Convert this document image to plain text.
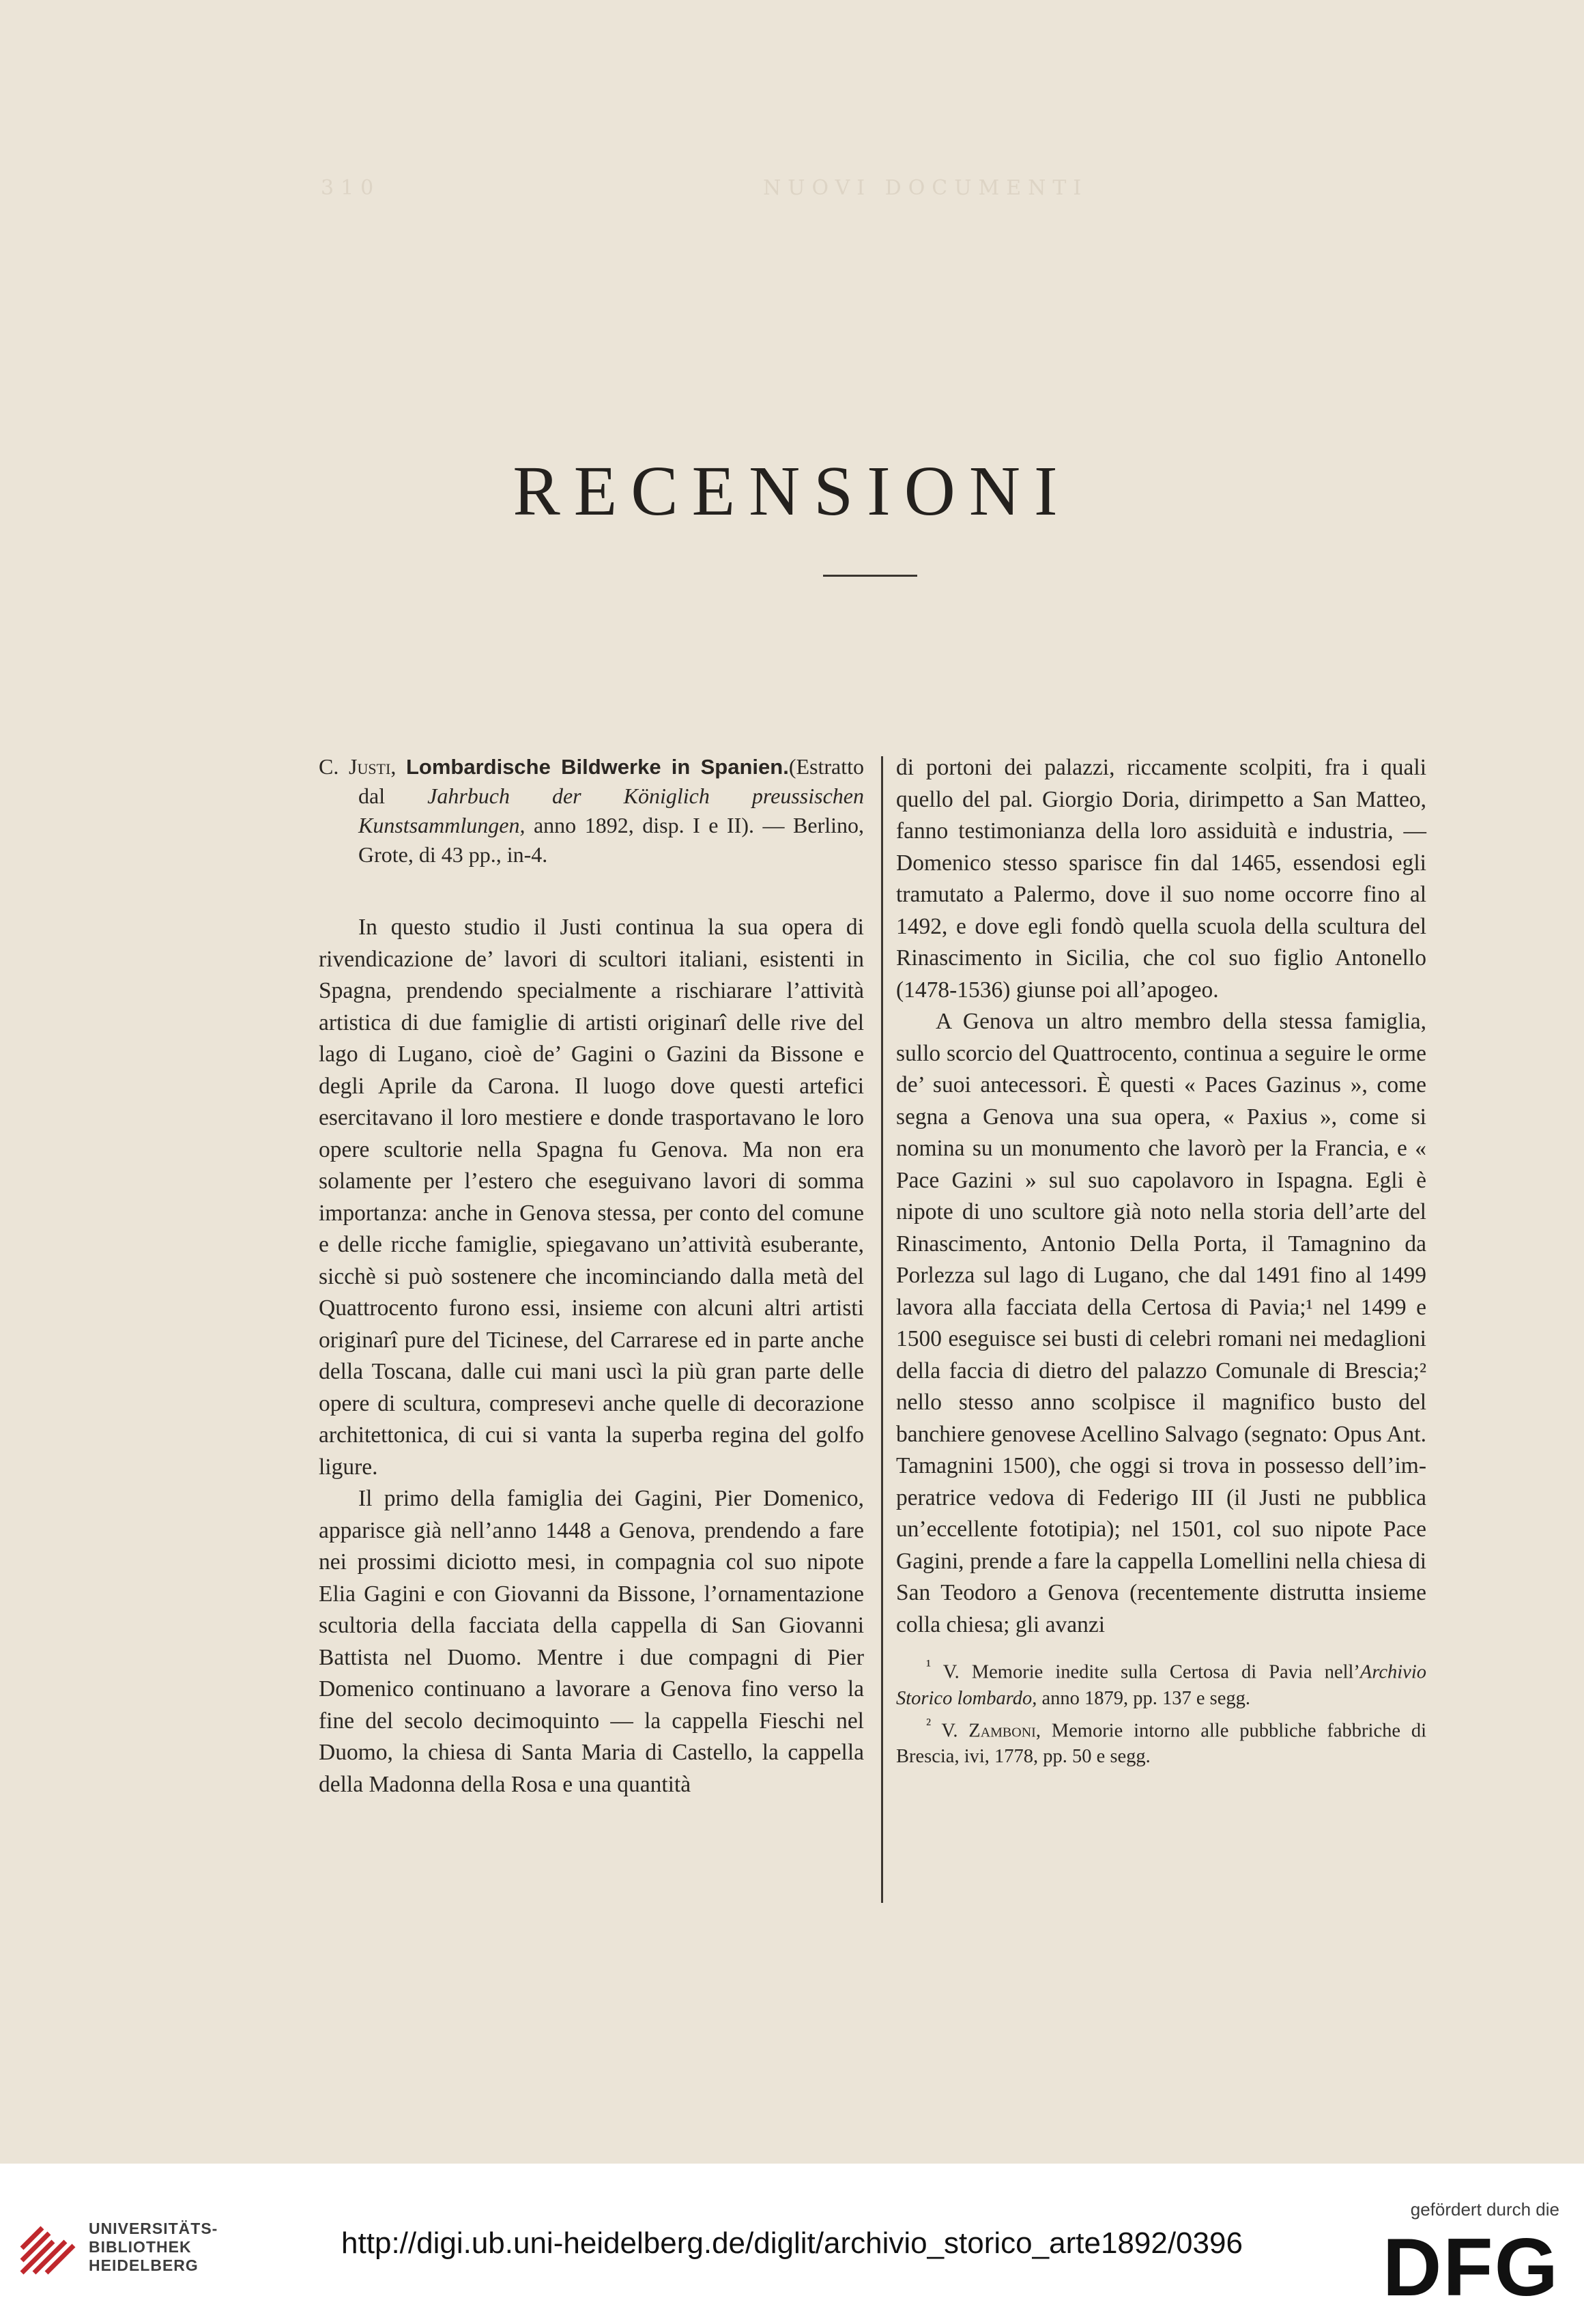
310	NUOVI DOCUMENTI
RECENSIONI

C. Justi, Lombardische Bildwerke in Spanien.(Estratto dal Jahrbuch der Königlich preussischen Kunstsammlungen, anno 1892, disp. I e II). — Berlino, Grote, di 43 pp., in-4.

In questo studio il Justi continua la sua opera di rivendicazione de’ lavori di scultori italiani, esistenti in Spagna, prendendo specialmente a rischiarare l’attività artistica di due famiglie di artisti originarî delle rive del lago di Lugano, cioè de’ Gagini o Gazini da Bissone e degli Aprile da Carona. Il luogo dove questi artefici esercitavano il loro mestiere e donde trasportavano le loro opere scultorie nella Spagna fu Genova. Ma non era solamente per l’estero che eseguivano lavori di somma importanza: anche in Genova stessa, per conto del comune e delle ricche famiglie, spiegavano un’attività esuberante, sicchè si può sostenere che incominciando dalla metà del Quattrocento furono essi, insieme con alcuni altri artisti originarî pure del Ticinese, del Carrarese ed in parte anche della Toscana, dalle cui mani uscì la più gran parte delle opere di scultura, compresevi anche quelle di decorazione architettonica, di cui si vanta la superba regina del golfo ligure.

Il primo della famiglia dei Gagini, Pier Domenico, apparisce già nell’anno 1448 a Genova, prendendo a fare nei prossimi diciotto mesi, in compagnia col suo nipote Elia Gagini e con Giovanni da Bissone, l’ornamentazione scultoria della facciata della cappella di San Giovanni Battista nel Duomo. Mentre i due compagni di Pier Domenico continuano a lavorare a Genova fino verso la fine del secolo decimoquinto — la cappella Fieschi nel Duomo, la chiesa di Santa Maria di Castello, la cappella della Madonna della Rosa e una quantità

di portoni dei palazzi, riccamente scolpiti, fra i quali quello del pal. Giorgio Doria, dirimpetto a San Matteo, fanno testimonianza della loro assiduità e industria, — Domenico stesso sparisce fin dal 1465, essendosi egli tramutato a Palermo, dove il suo nome occorre fino al 1492, e dove egli fondò quella scuola della scultura del Rinascimento in Sicilia, che col suo figlio Antonello (1478-1536) giunse poi all’apogeo.

A Genova un altro membro della stessa famiglia, sullo scorcio del Quattrocento, continua a seguire le orme de’ suoi antecessori. È questi « Paces Gazinus », come segna a Genova una sua opera, « Paxius », come si nomina su un monumento che lavorò per la Francia, e « Pace Gazini » sul suo capolavoro in Ispagna. Egli è nipote di uno scultore già noto nella storia dell’arte del Rinascimento, Antonio Della Porta, il Tamagnino da Porlezza sul lago di Lugano, che dal 1491 fino al 1499 lavora alla facciata della Certosa di Pavia;¹ nel 1499 e 1500 eseguisce sei busti di celebri romani nei medaglioni della faccia di dietro del palazzo Comunale di Brescia;² nello stesso anno scolpisce il magnifico busto del banchiere genovese Acellino Salvago (segnato: Opus Ant. Tamagnini 1500), che oggi si trova in possesso dell’imperatrice vedova di Federigo III (il Justi ne pubblica un’eccellente fototipia); nel 1501, col suo nipote Pace Gagini, prende a fare la cappella Lomellini nella chiesa di San Teodoro a Genova (recentemente distrutta insieme colla chiesa; gli avanzi

$^{^1}$ V. Memorie inedite sulla Certosa di Pavia nell’Archivio Storico lombardo, anno 1879, pp. 137 e segg.

$^{^2}$ V. Zamboni, Memorie intorno alle pubbliche fabbriche di Brescia, ivi, 1778, pp. 50 e segg.

UNIVERSITÄTS-
BIBLIOTHEK
HEIDELBERG
http://digi.ub.uni-heidelberg.de/diglit/archivio_storico_arte1892/0396
gefördert durch die
DFG
